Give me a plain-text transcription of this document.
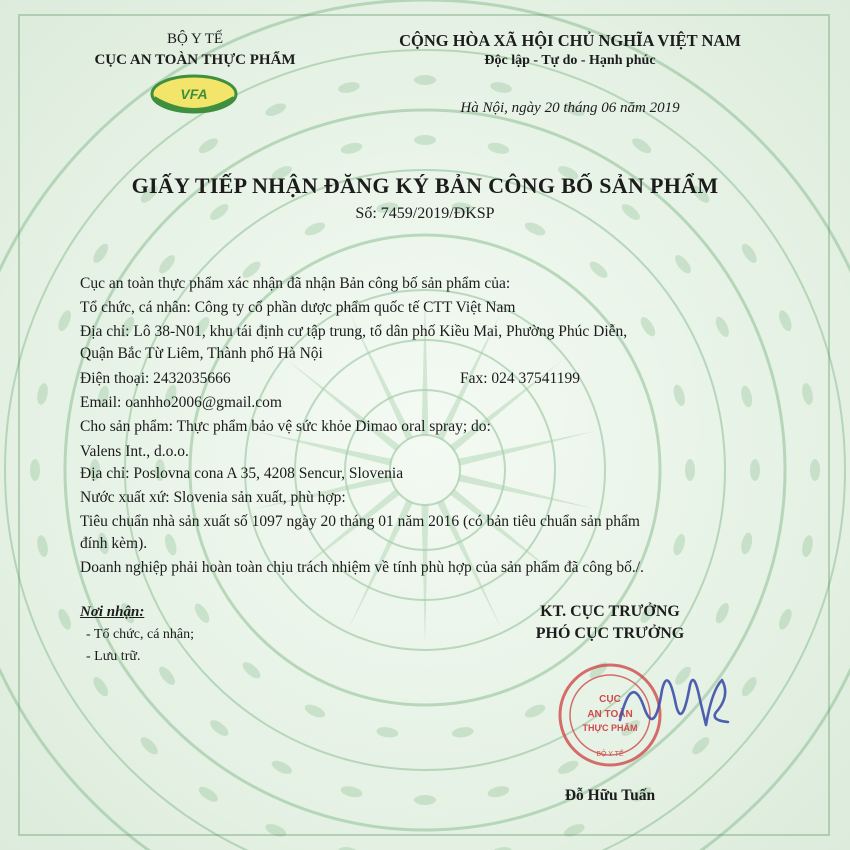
BỘ Y TẾ
CỤC AN TOÀN THỰC PHẨM
VFA
CỘNG HÒA XÃ HỘI CHỦ NGHĨA VIỆT NAM
Độc lập - Tự do - Hạnh phúc
Hà Nội, ngày 20 tháng 06 năm 2019
GIẤY TIẾP NHẬN ĐĂNG KÝ BẢN CÔNG BỐ SẢN PHẨM
Số: 7459/2019/ĐKSP
Cục an toàn thực phẩm xác nhận đã nhận Bản công bố sản phẩm của:
Tổ chức, cá nhân: Công ty cổ phần dược phẩm quốc tế CTT Việt Nam
Địa chỉ: Lô 38-N01, khu tái định cư tập trung, tổ dân phố Kiều Mai, Phường Phúc Diễn,
Quận Bắc Từ Liêm, Thành phố Hà Nội
Điện thoại: 2432035666	Fax: 024 37541199
Email: oanhho2006@gmail.com
Cho sản phẩm: Thực phẩm bảo vệ sức khỏe Dimao oral spray; do:
Valens Int., d.o.o.
Địa chỉ: Poslovna cona A 35, 4208 Sencur, Slovenia
Nước xuất xứ: Slovenia sản xuất, phù hợp:
Tiêu chuẩn nhà sản xuất số 1097 ngày 20 tháng 01 năm 2016 (có bản tiêu chuẩn sản phẩm
đính kèm).
Doanh nghiệp phải hoàn toàn chịu trách nhiệm về tính phù hợp của sản phẩm đã công bố./.
Nơi nhận:
- Tổ chức, cá nhân;
- Lưu trữ.
KT. CỤC TRƯỞNG
PHÓ CỤC TRƯỞNG
CỤC
AN TOÀN
THỰC PHẨM
BỘ Y TẾ
Đỗ Hữu Tuấn
